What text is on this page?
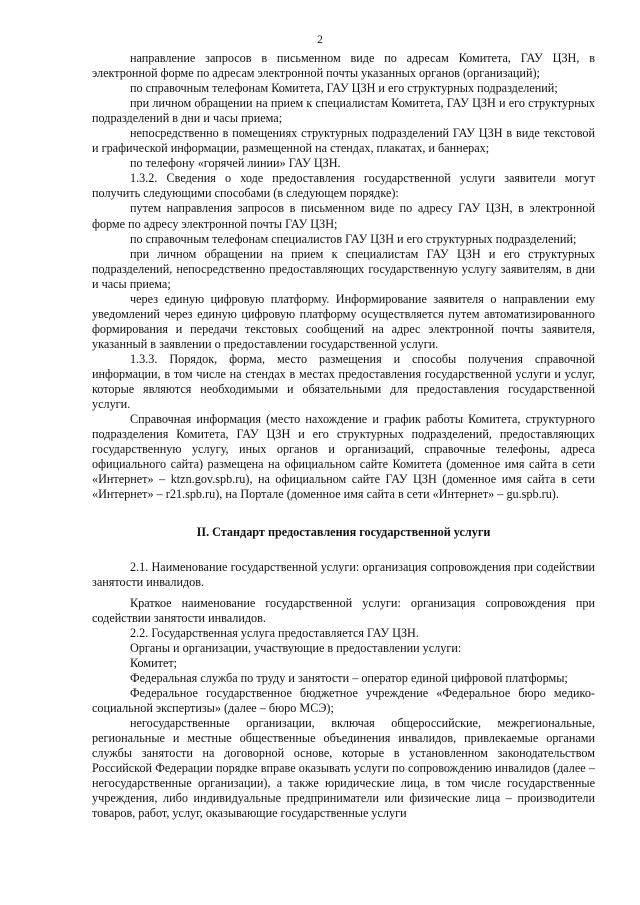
2

направление запросов в письменном виде по адресам Комитета, ГАУ ЦЗН, в электронной форме по адресам электронной почты указанных органов (организаций);

по справочным телефонам Комитета, ГАУ ЦЗН и его структурных подразделений;

при личном обращении на прием к специалистам Комитета, ГАУ ЦЗН и его структурных подразделений в дни и часы приема;

непосредственно в помещениях структурных подразделений ГАУ ЦЗН в виде текстовой и графической информации, размещенной на стендах, плакатах, и баннерах;

по телефону «горячей линии» ГАУ ЦЗН.

1.3.2. Сведения о ходе предоставления государственной услуги заявители могут получить следующими способами (в следующем порядке):

путем направления запросов в письменном виде по адресу ГАУ ЦЗН, в электронной форме по адресу электронной почты ГАУ ЦЗН;

по справочным телефонам специалистов ГАУ ЦЗН и его структурных подразделений;

при личном обращении на прием к специалистам ГАУ ЦЗН и его структурных подразделений, непосредственно предоставляющих государственную услугу заявителям, в дни и часы приема;

через единую цифровую платформу. Информирование заявителя о направлении ему уведомлений через единую цифровую платформу осуществляется путем автоматизированного формирования и передачи текстовых сообщений на адрес электронной почты заявителя, указанный в заявлении о предоставлении государственной услуги.

1.3.3. Порядок, форма, место размещения и способы получения справочной информации, в том числе на стендах в местах предоставления государственной услуги и услуг, которые являются необходимыми и обязательными для предоставления государственной услуги.

Справочная информация (место нахождение и график работы Комитета, структурного подразделения Комитета, ГАУ ЦЗН и его структурных подразделений, предоставляющих государственную услугу, иных органов и организаций, справочные телефоны, адреса официального сайта) размещена на официальном сайте Комитета (доменное имя сайта в сети «Интернет» – ktzn.gov.spb.ru), на официальном сайте ГАУ ЦЗН (доменное имя сайта в сети «Интернет» – r21.spb.ru), на Портале (доменное имя сайта в сети «Интернет» – gu.spb.ru).

II. Стандарт предоставления государственной услуги

2.1. Наименование государственной услуги: организация сопровождения при содействии занятости инвалидов.

Краткое наименование государственной услуги: организация сопровождения при содействии занятости инвалидов.

2.2. Государственная услуга предоставляется ГАУ ЦЗН.

Органы и организации, участвующие в предоставлении услуги:

Комитет;

Федеральная служба по труду и занятости – оператор единой цифровой платформы;

Федеральное государственное бюджетное учреждение «Федеральное бюро медико-социальной экспертизы» (далее – бюро МСЭ);

негосударственные организации, включая общероссийские, межрегиональные, региональные и местные общественные объединения инвалидов, привлекаемые органами службы занятости на договорной основе, которые в установленном законодательством Российской Федерации порядке вправе оказывать услуги по сопровождению инвалидов (далее – негосударственные организации), а также юридические лица, в том числе государственные учреждения, либо индивидуальные предприниматели или физические лица – производители товаров, работ, услуг, оказывающие государственные услуги
